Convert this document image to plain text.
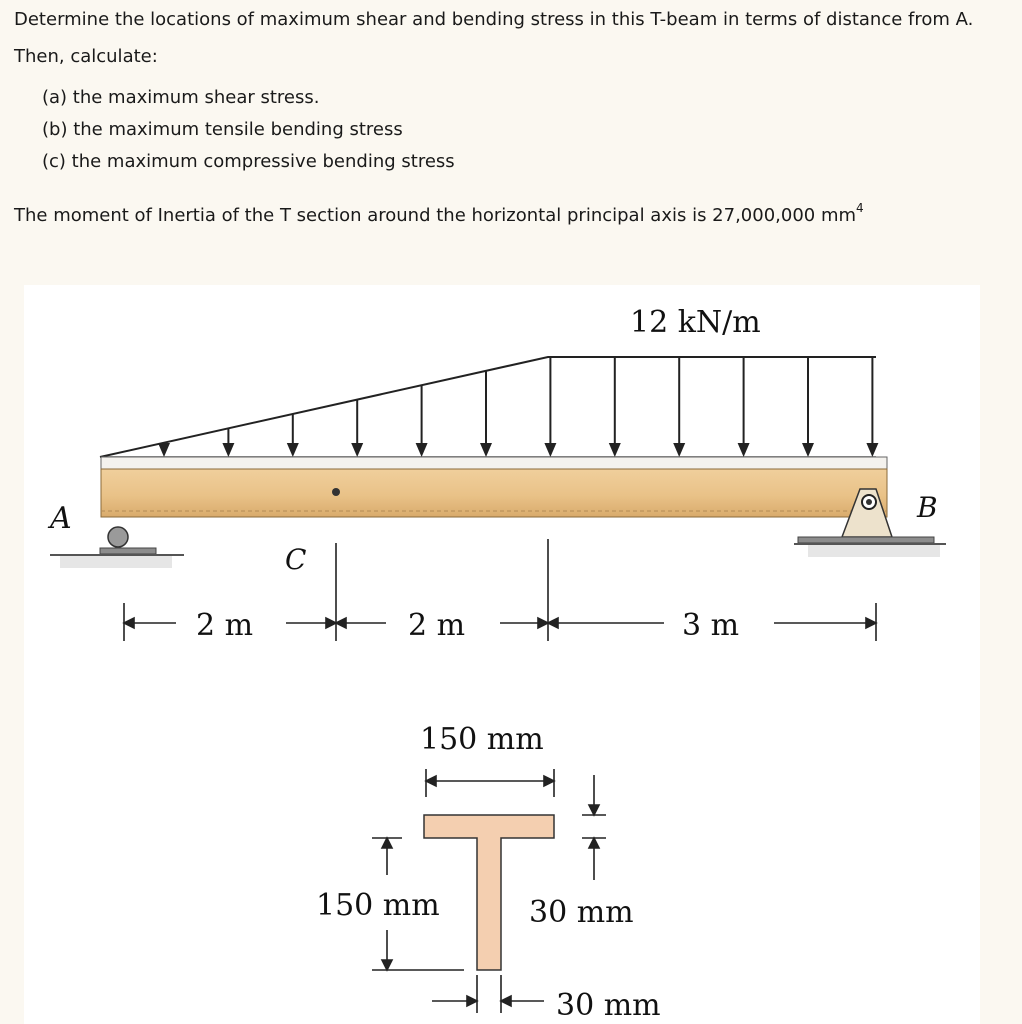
Determine the locations of maximum shear and bending stress in this T-beam in terms of distance from A.

Then, calculate:

(a) the maximum shear stress.
(b) the maximum tensile bending stress
(c) the maximum compressive bending stress

The moment of Inertia of the T section around the horizontal principal axis is 27,000,000 $mm^4$

12 kN/m
A	B
C
2 m	2 m	3 m
150 mm
30 mm
150 mm
30 mm
